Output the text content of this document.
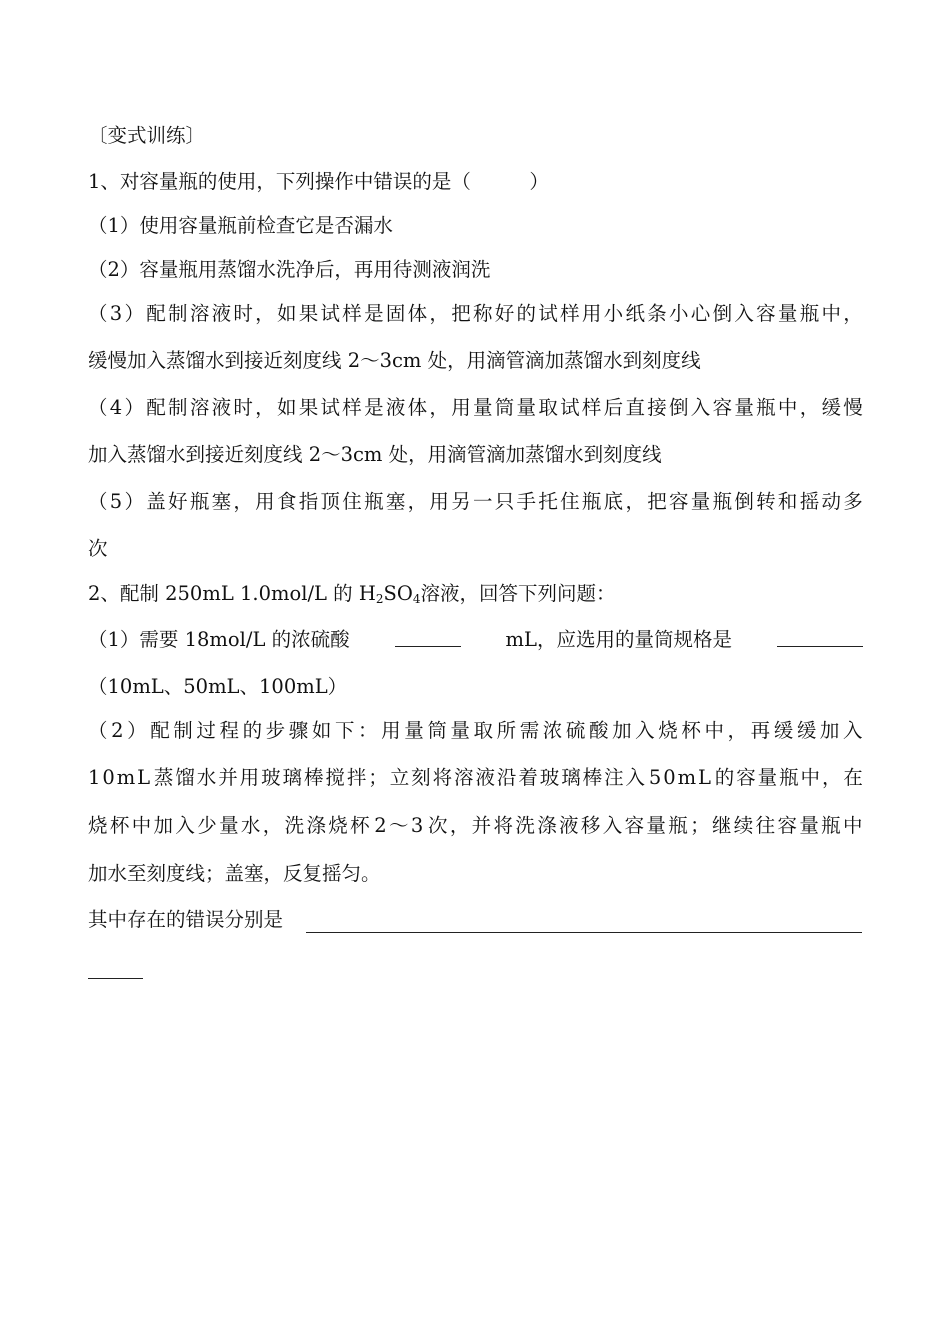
〔变式训练〕
1、对容量瓶的使用，下列操作中错误的是（　　　）
（1）使用容量瓶前检查它是否漏水
（2）容量瓶用蒸馏水洗净后，再用待测液润洗
（ 3 ） 配 制 溶 液 时 ， 如 果 试 样 是 固 体 ， 把 称 好 的 试 样 用 小 纸 条 小 心 倒 入 容 量 瓶 中 ，
缓慢加入蒸馏水到接近刻度线 2～3cm 处，用滴管滴加蒸馏水到刻度线
（ 4 ） 配 制 溶 液 时 ， 如 果 试 样 是 液 体 ， 用 量 筒 量 取 试 样 后 直 接 倒 入 容 量 瓶 中 ， 缓 慢
加入蒸馏水到接近刻度线 2～3cm 处，用滴管滴加蒸馏水到刻度线
（ 5 ） 盖 好 瓶 塞 ， 用 食 指 顶 住 瓶 塞 ， 用 另 一 只 手 托 住 瓶 底 ， 把 容 量 瓶 倒 转 和 摇 动 多
次
2、配制 250mL 1.0mol/L 的 $H_2SO_4$溶液，回答下列问题：
（1）需要 18mol/L 的浓硫酸	mL，应选用的量筒规格是
（10mL、50mL、100mL）
（ 2 ） 配 制 过 程 的 步 骤 如 下 ： 用 量 筒 量 取 所 需 浓 硫 酸 加 入 烧 杯 中 ， 再 缓 缓 加 入
1 0 m L 蒸 馏 水 并 用 玻 璃 棒 搅 拌 ； 立 刻 将 溶 液 沿 着 玻 璃 棒 注 入 5 0 m L 的 容 量 瓶 中 ， 在
烧 杯 中 加 入 少 量 水 ， 洗 涤 烧 杯 2 ～ 3 次 ， 并 将 洗 涤 液 移 入 容 量 瓶 ； 继 续 往 容 量 瓶 中
加水至刻度线；盖塞，反复摇匀。
其中存在的错误分别是
